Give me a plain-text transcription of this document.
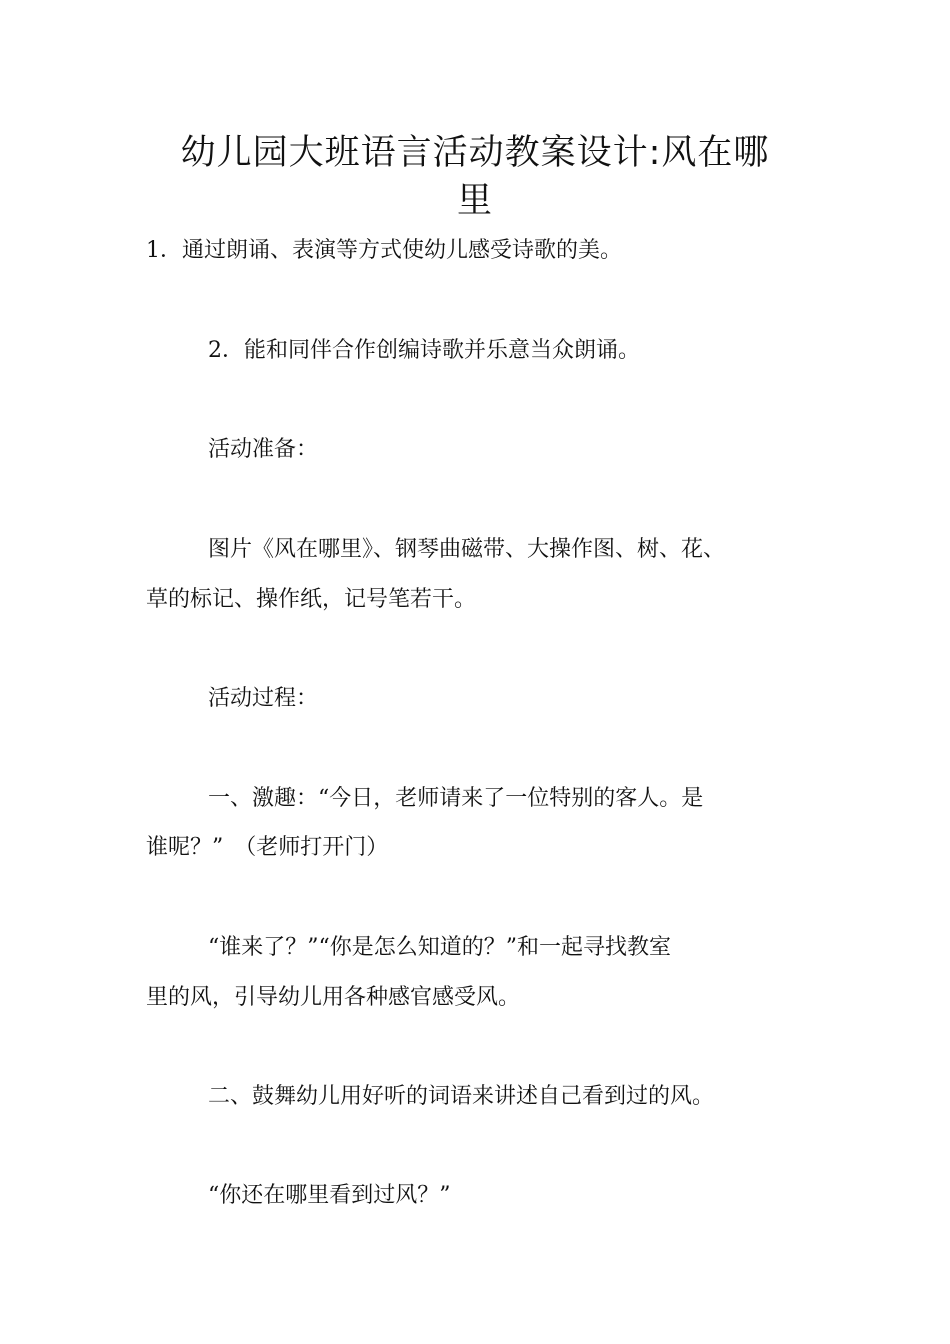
幼儿园大班语言活动教案设计:风在哪
里
1．通过朗诵、表演等方式使幼儿感受诗歌的美。
2．能和同伴合作创编诗歌并乐意当众朗诵。
活动准备：
图片《风在哪里》、钢琴曲磁带、大操作图、树、花、
草的标记、操作纸，记号笔若干。
活动过程：
一、激趣：“今日，老师请来了一位特别的客人。是
谁呢？”　（老师打开门）
“谁来了？”“你是怎么知道的？”和一起寻找教室
里的风，引导幼儿用各种感官感受风。
二、鼓舞幼儿用好听的词语来讲述自己看到过的风。
“你还在哪里看到过风？”
